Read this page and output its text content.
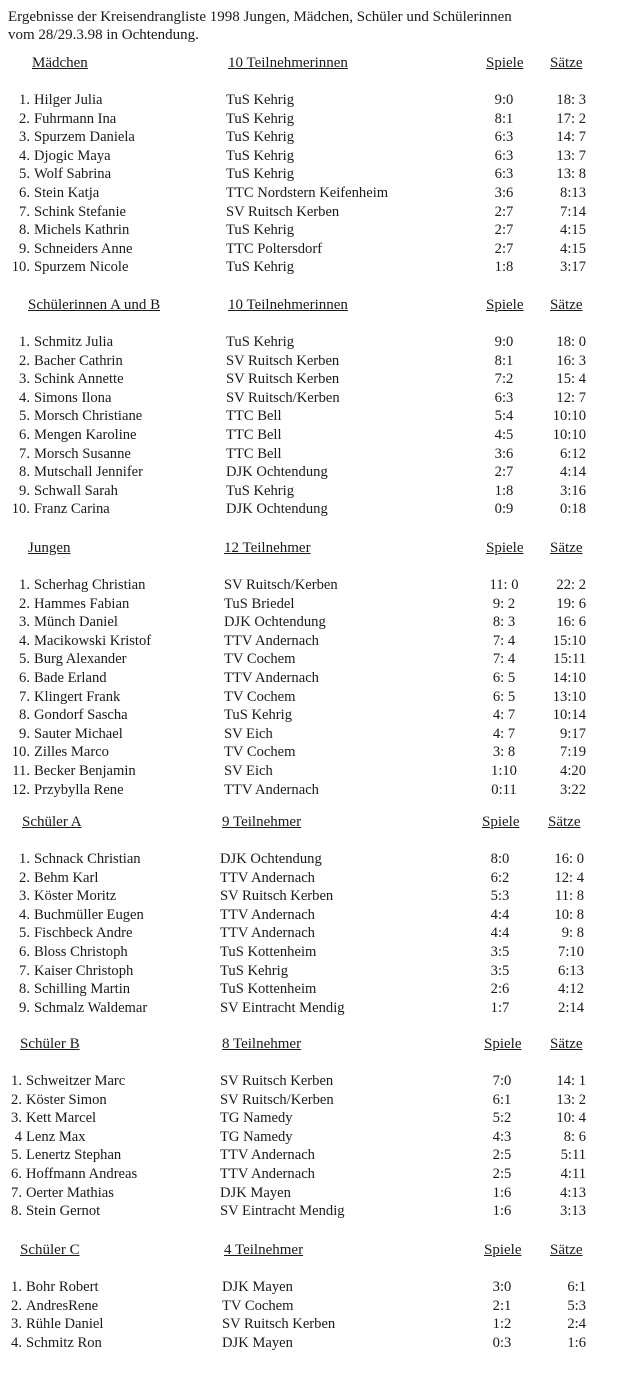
Ergebnisse der Kreisendrangliste 1998 Jungen, Mädchen, Schüler und Schülerinnen
vom 28/29.3.98 in Ochtendung.
Mädchen	10 Teilnehmerinnen	Spiele Sätze
1. Hilger Julia	TuS Kehrig	9:0	18: 3
2. Fuhrmann Ina	TuS Kehrig	8:1	17: 2
3. Spurzem Daniela	TuS Kehrig	6:3	14: 7
4. Djogic Maya	TuS Kehrig	6:3	13: 7
5. Wolf Sabrina	TuS Kehrig	6:3	13: 8
6. Stein Katja	TTC Nordstern Keifenheim	3:6	8:13
7. Schink Stefanie	SV Ruitsch Kerben	2:7	7:14
8. Michels Kathrin	TuS Kehrig	2:7	4:15
9. Schneiders Anne	TTC Poltersdorf	2:7	4:15
10. Spurzem Nicole	TuS Kehrig	1:8	3:17
Schülerinnen A und B	10 Teilnehmerinnen	Spiele Sätze
1. Schmitz Julia	TuS Kehrig	9:0	18: 0
2. Bacher Cathrin	SV Ruitsch Kerben	8:1	16: 3
3. Schink Annette	SV Ruitsch Kerben	7:2	15: 4
4. Simons Ilona	SV Ruitsch/Kerben	6:3	12: 7
5. Morsch Christiane	TTC Bell	5:4	10:10
6. Mengen Karoline	TTC Bell	4:5	10:10
7. Morsch Susanne	TTC Bell	3:6	6:12
8. Mutschall Jennifer	DJK Ochtendung	2:7	4:14
9. Schwall Sarah	TuS Kehrig	1:8	3:16
10. Franz Carina	DJK Ochtendung	0:9	0:18
Jungen	12 Teilnehmer	Spiele Sätze
1. Scherhag Christian	SV Ruitsch/Kerben	11: 0	22: 2
2. Hammes Fabian	TuS Briedel	9: 2	19: 6
3. Münch Daniel	DJK Ochtendung	8: 3	16: 6
4. Macikowski Kristof	TTV Andernach	7: 4	15:10
5. Burg Alexander	TV Cochem	7: 4	15:11
6. Bade Erland	TTV Andernach	6: 5	14:10
7. Klingert Frank	TV Cochem	6: 5	13:10
8. Gondorf Sascha	TuS Kehrig	4: 7	10:14
9. Sauter Michael	SV Eich	4: 7	9:17
10. Zilles Marco	TV Cochem	3: 8	7:19
11. Becker Benjamin	SV Eich	1:10	4:20
12. Przybylla Rene	TTV Andernach	0:11	3:22
Schüler A	9 Teilnehmer	Spiele Sätze
1. Schnack Christian	DJK Ochtendung	8:0	16: 0
2. Behm Karl	TTV Andernach	6:2	12: 4
3. Köster Moritz	SV Ruitsch Kerben	5:3	11: 8
4. Buchmüller Eugen	TTV Andernach	4:4	10: 8
5. Fischbeck Andre	TTV Andernach	4:4	9: 8
6. Bloss Christoph	TuS Kottenheim	3:5	7:10
7. Kaiser Christoph	TuS Kehrig	3:5	6:13
8. Schilling Martin	TuS Kottenheim	2:6	4:12
9. Schmalz Waldemar	SV Eintracht Mendig	1:7	2:14
Schüler B	8 Teilnehmer	Spiele Sätze
1. Schweitzer Marc	SV Ruitsch Kerben	7:0	14: 1
2. Köster Simon	SV Ruitsch/Kerben	6:1	13: 2
3. Kett Marcel	TG Namedy	5:2	10: 4
4 Lenz Max	TG Namedy	4:3	8: 6
5. Lenertz Stephan	TTV Andernach	2:5	5:11
6. Hoffmann Andreas	TTV Andernach	2:5	4:11
7. Oerter Mathias	DJK Mayen	1:6	4:13
8. Stein Gernot	SV Eintracht Mendig	1:6	3:13
Schüler C	4 Teilnehmer	Spiele Sätze
1. Bohr Robert	DJK Mayen	3:0	6:1
2. AndresRene	TV Cochem	2:1	5:3
3. Rühle Daniel	SV Ruitsch Kerben	1:2	2:4
4. Schmitz Ron	DJK Mayen	0:3	1:6
